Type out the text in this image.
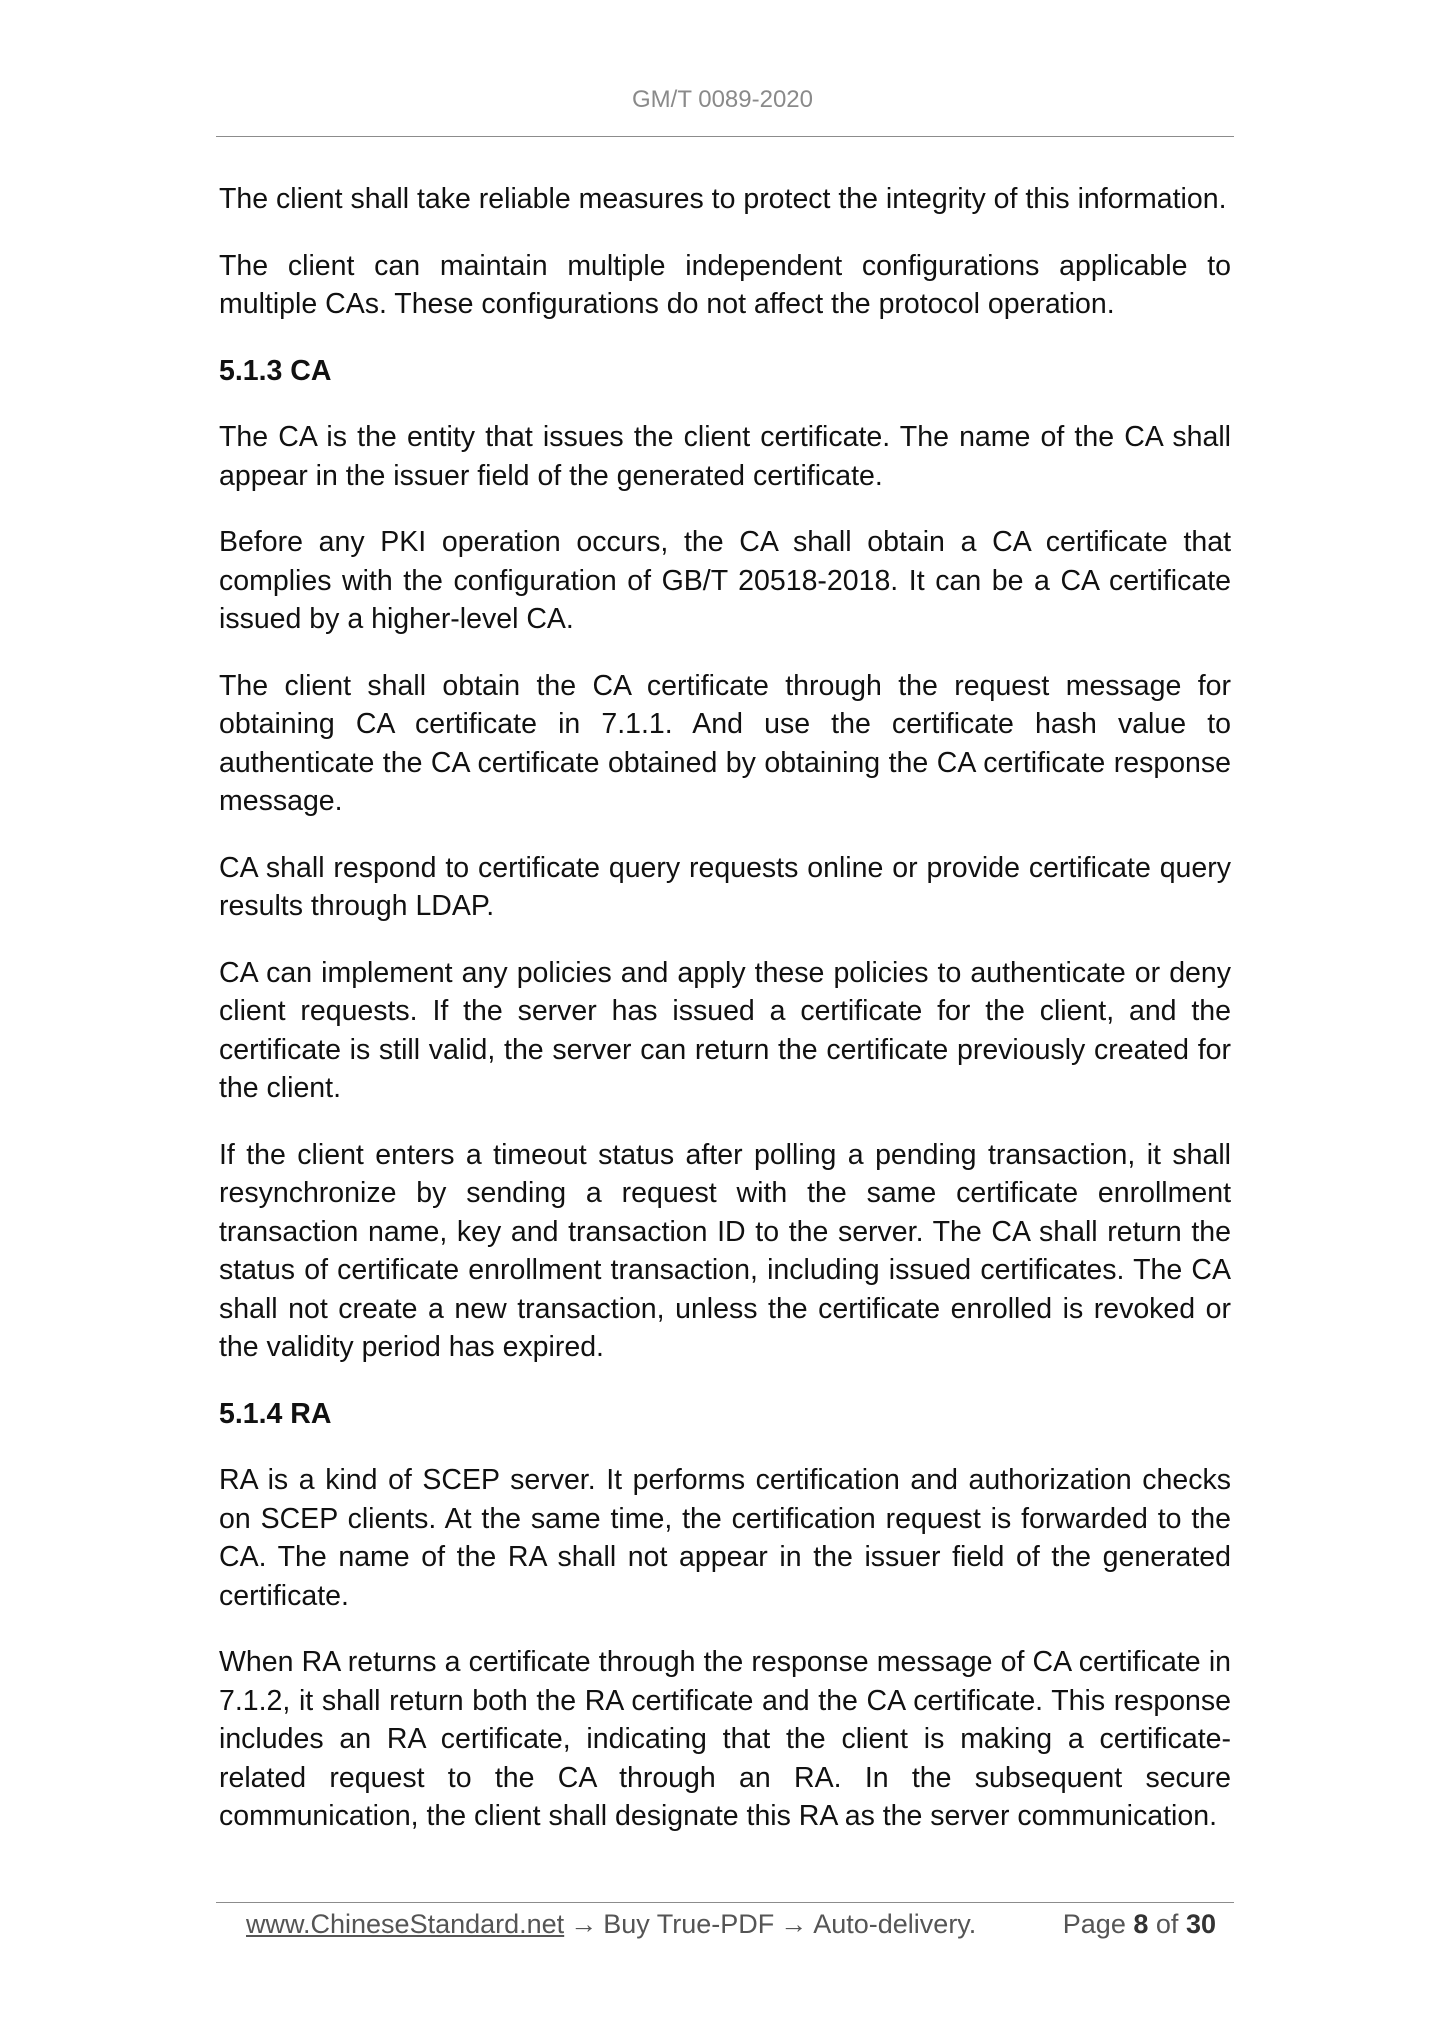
GM/T 0089-2020

The client shall take reliable measures to protect the integrity of this information.

The client can maintain multiple independent configurations applicable to multiple CAs. These configurations do not affect the protocol operation.

5.1.3 CA

The CA is the entity that issues the client certificate. The name of the CA shall appear in the issuer field of the generated certificate.

Before any PKI operation occurs, the CA shall obtain a CA certificate that complies with the configuration of GB/T 20518-2018. It can be a CA certificate issued by a higher-level CA.

The client shall obtain the CA certificate through the request message for obtaining CA certificate in 7.1.1. And use the certificate hash value to authenticate the CA certificate obtained by obtaining the CA certificate response message.

CA shall respond to certificate query requests online or provide certificate query results through LDAP.

CA can implement any policies and apply these policies to authenticate or deny client requests. If the server has issued a certificate for the client, and the certificate is still valid, the server can return the certificate previously created for the client.

If the client enters a timeout status after polling a pending transaction, it shall resynchronize by sending a request with the same certificate enrollment transaction name, key and transaction ID to the server. The CA shall return the status of certificate enrollment transaction, including issued certificates. The CA shall not create a new transaction, unless the certificate enrolled is revoked or the validity period has expired.

5.1.4 RA

RA is a kind of SCEP server. It performs certification and authorization checks on SCEP clients. At the same time, the certification request is forwarded to the CA. The name of the RA shall not appear in the issuer field of the generated certificate.

When RA returns a certificate through the response message of CA certificate in 7.1.2, it shall return both the RA certificate and the CA certificate. This response includes an RA certificate, indicating that the client is making a certificate-related request to the CA through an RA. In the subsequent secure communication, the client shall designate this RA as the server communication.

www.ChineseStandard.net → Buy True-PDF → Auto-delivery.	Page 8 of 30
